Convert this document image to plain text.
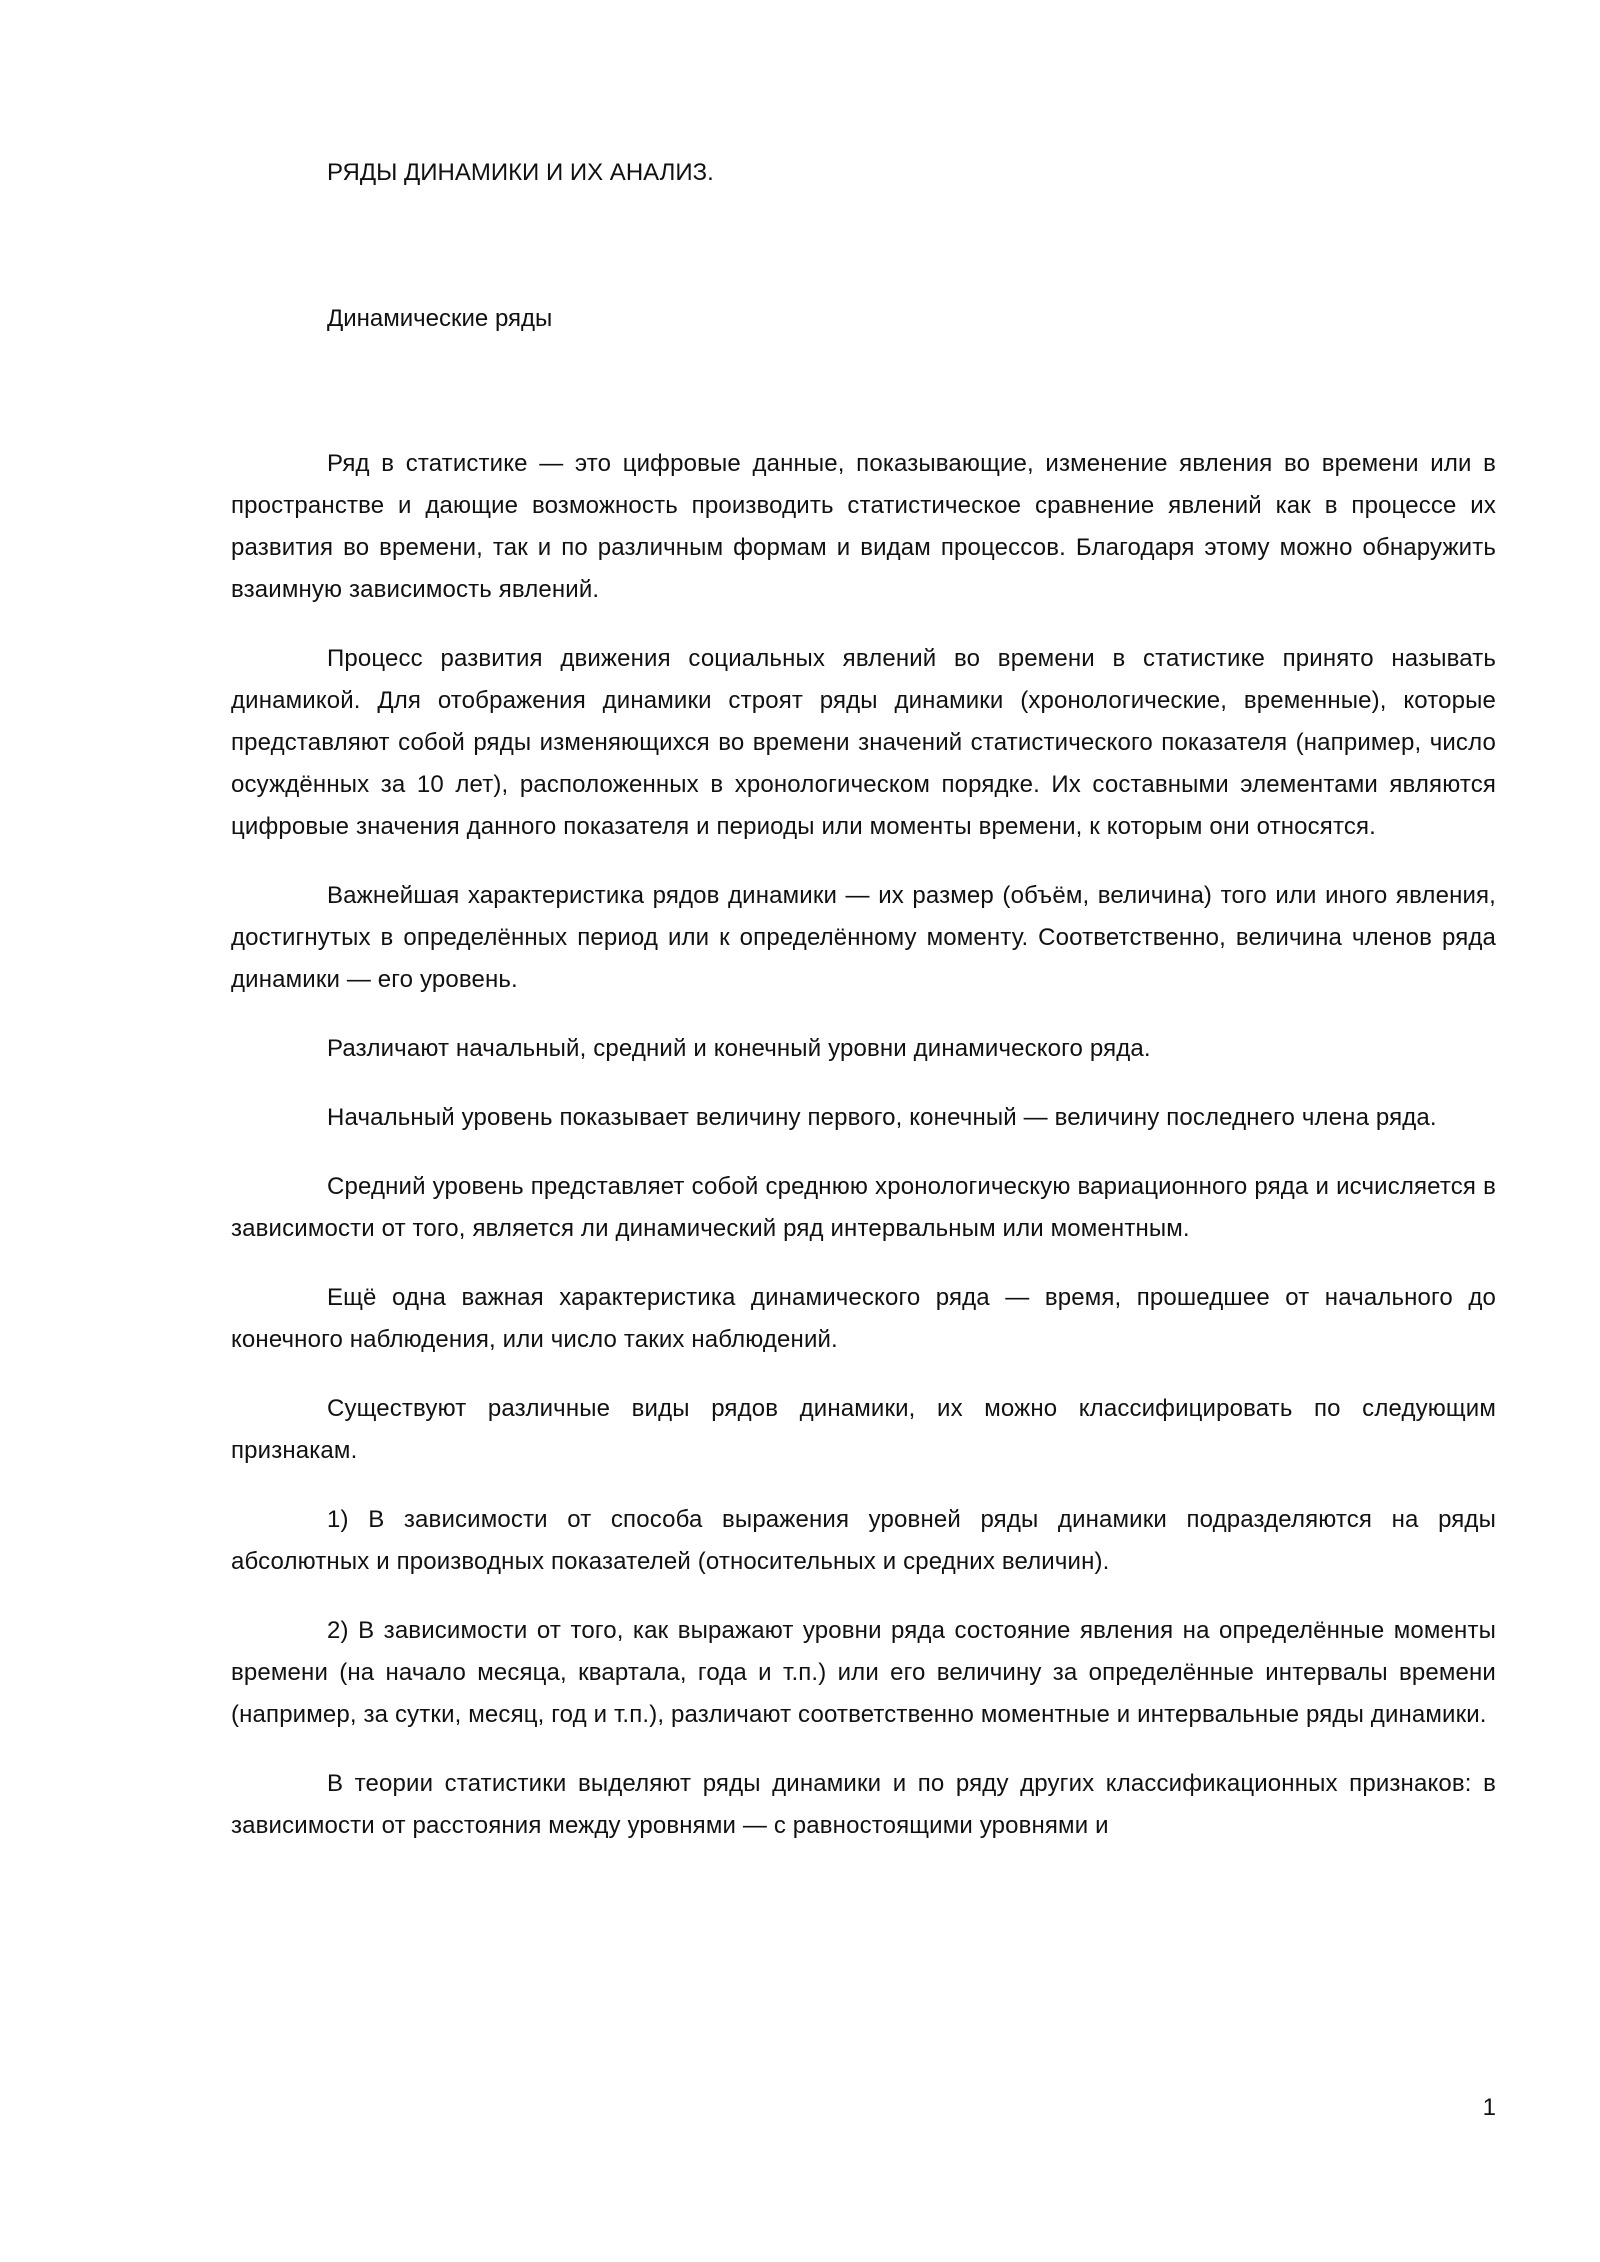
РЯДЫ ДИНАМИКИ И ИХ АНАЛИЗ.
Динамические ряды

Ряд в статистике — это цифровые данные, показывающие, изменение явления во времени или в пространстве и дающие возможность производить статистическое сравнение явлений как в процессе их развития во времени, так и по различным формам и видам процессов. Благодаря этому можно обнаружить взаимную зависимость явлений.

Процесс развития движения социальных явлений во времени в статистике принято называть динамикой. Для отображения динамики строят ряды динамики (хронологические, временные), которые представляют собой ряды изменяющихся во времени значений статистического показателя (например, число осуждённых за 10 лет), расположенных в хронологическом порядке. Их составными элементами являются цифровые значения данного показателя и периоды или моменты времени, к которым они относятся.

Важнейшая характеристика рядов динамики — их размер (объём, величина) того или иного явления, достигнутых в определённых период или к определённому моменту. Соответственно, величина членов ряда динамики — его уровень.

Различают начальный, средний и конечный уровни динамического ряда.

Начальный уровень показывает величину первого, конечный — величину последнего члена ряда.

Средний уровень представляет собой среднюю хронологическую вариационного ряда и исчисляется в зависимости от того, является ли динамический ряд интервальным или моментным.

Ещё одна важная характеристика динамического ряда — время, прошедшее от начального до конечного наблюдения, или число таких наблюдений.

Существуют различные виды рядов динамики, их можно классифицировать по следующим признакам.

1) В зависимости от способа выражения уровней ряды динамики подразделяются на ряды абсолютных и производных показателей (относительных и средних величин).

2) В зависимости от того, как выражают уровни ряда состояние явления на определённые моменты времени (на начало месяца, квартала, года и т.п.) или его величину за определённые интервалы времени (например, за сутки, месяц, год и т.п.), различают соответственно моментные и интервальные ряды динамики.

В теории статистики выделяют ряды динамики и по ряду других классификационных признаков: в зависимости от расстояния между уровнями — с равностоящими уровнями и

1
